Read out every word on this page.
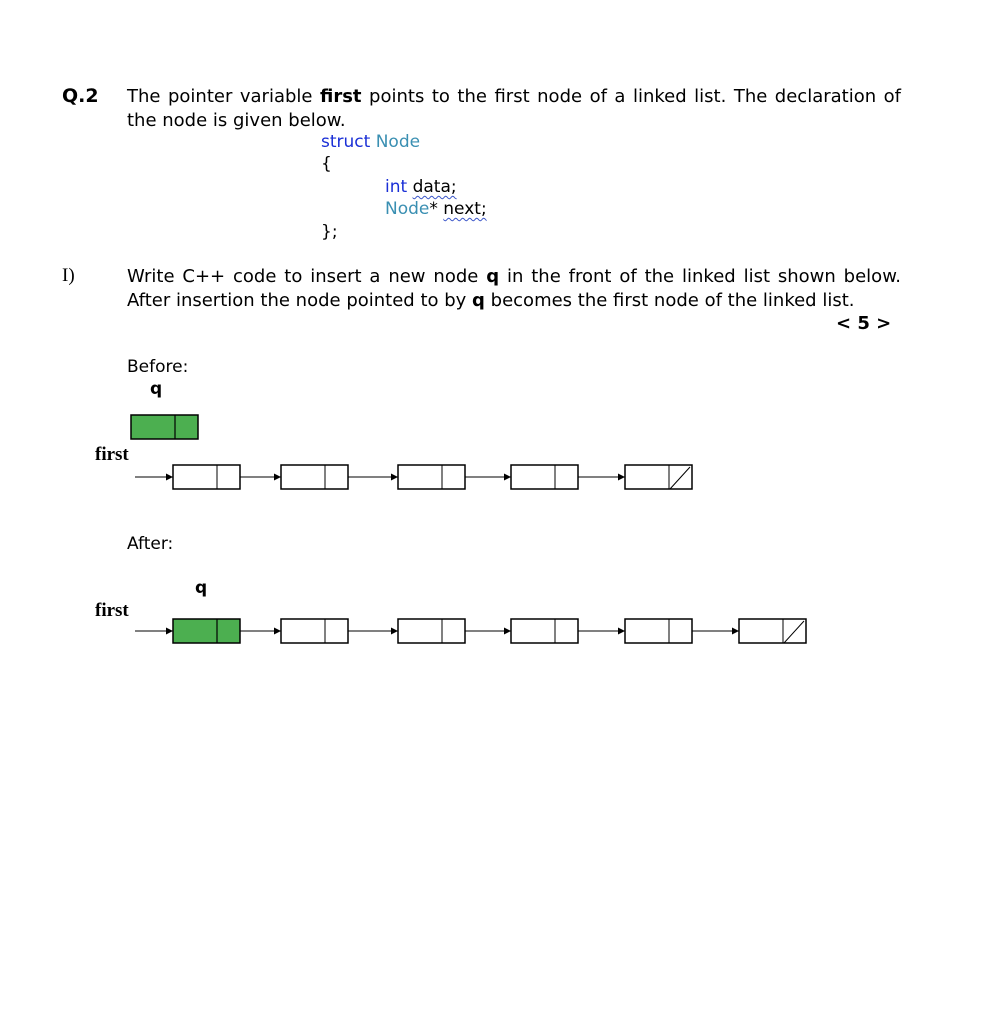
Q.2 The pointer variable first points to the first node of a linked list. The declaration of the node is given below.
struct Node
{
int data;
Node* next;
};
I)	Write C++ code to insert a new node q in the front of the linked list shown below. After insertion the node pointed to by q becomes the first node of the linked list.
< 5 >
Before:
q
first
After:
q
first
